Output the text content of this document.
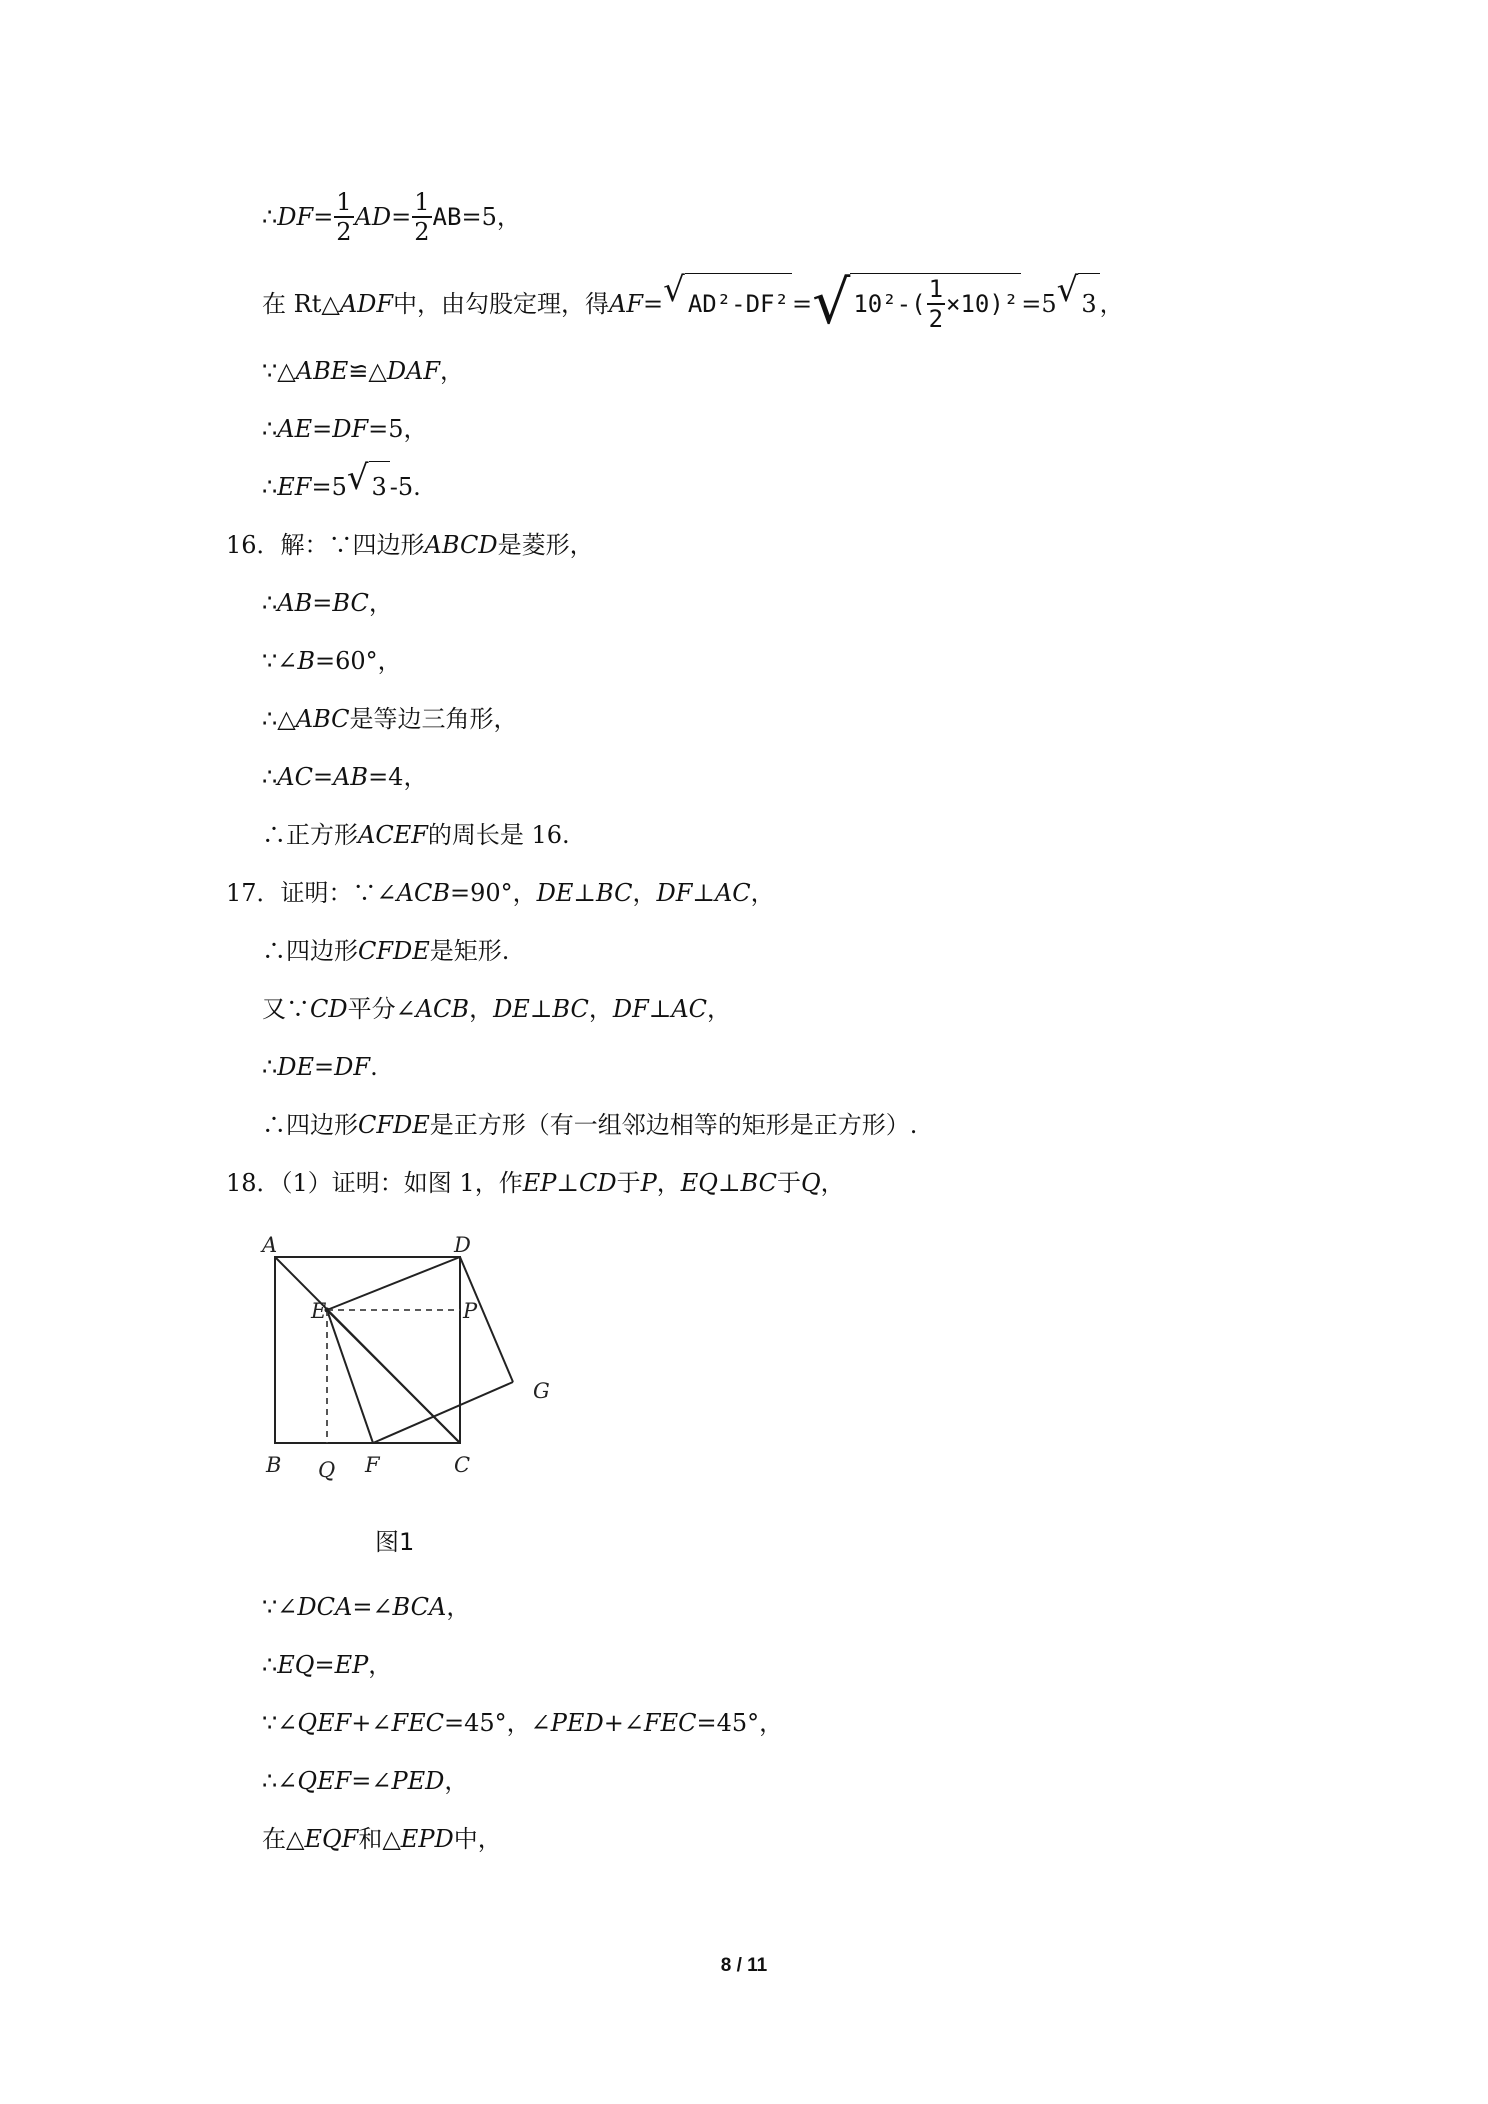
∴DF= $\frac{1}{2} AD= \frac{1}{2} AB=5$，
在 Rt△ADF中，由勾股定理，得AF= √ AD²-DF² = √ $10^2-( \frac{1}{2} \times 10)^2 =5$ √ 3 ，
∵△ABE≌△DAF，
∴AE=DF=5，
∴EF=5 √ 3 -5.
16．解：∵四边形ABCD是菱形，
∴AB=BC，
∵∠B=60°，
∴△ABC是等边三角形，
∴AC=AB=4，
∴正方形ACEF的周长是 16.
17．证明：∵∠ACB=90°，DE⊥BC，DF⊥AC，
∴四边形CFDE是矩形.
又∵CD平分∠ACB，DE⊥BC，DF⊥AC，
∴DE=DF.
∴四边形CFDE是正方形（有一组邻边相等的矩形是正方形）.
18．（1）证明：如图 1，作EP⊥CD于P，EQ⊥BC于Q，
A	D
E	P
G
B Q F	C
图1
∵∠DCA=∠BCA，
∴EQ=EP，
∵∠QEF+∠FEC=45°，∠PED+∠FEC=45°，
∴∠QEF=∠PED，
在△EQF和△EPD中，
8 / 11
